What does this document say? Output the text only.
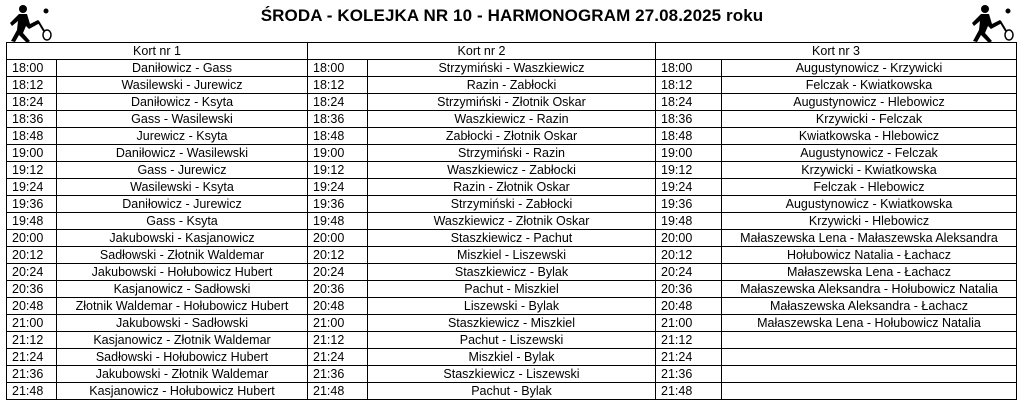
ŚRODA - KOLEJKA NR 10 - HARMONOGRAM 27.08.2025 roku
Kort nr 1		Kort nr 2		Kort nr 3	
18:00	Daniłowicz - Gass	18:00	Strzymiński - Waszkiewicz	18:00	Augustynowicz - Krzywicki
18:12	Wasilewski - Jurewicz	18:12	Razin - Zabłocki	18:12	Felczak - Kwiatkowska
18:24	Daniłowicz - Ksyta	18:24	Strzymiński - Złotnik Oskar	18:24	Augustynowicz - Hlebowicz
18:36	Gass - Wasilewski	18:36	Waszkiewicz - Razin	18:36	Krzywicki - Felczak
18:48	Jurewicz - Ksyta	18:48	Zabłocki - Złotnik Oskar	18:48	Kwiatkowska - Hlebowicz
19:00	Daniłowicz - Wasilewski	19:00	Strzymiński - Razin	19:00	Augustynowicz - Felczak
19:12	Gass - Jurewicz	19:12	Waszkiewicz - Zabłocki	19:12	Krzywicki - Kwiatkowska
19:24	Wasilewski - Ksyta	19:24	Razin - Złotnik Oskar	19:24	Felczak - Hlebowicz
19:36	Daniłowicz - Jurewicz	19:36	Strzymiński - Zabłocki	19:36	Augustynowicz - Kwiatkowska
19:48	Gass - Ksyta	19:48	Waszkiewicz - Złotnik Oskar	19:48	Krzywicki - Hlebowicz
20:00	Jakubowski - Kasjanowicz	20:00	Staszkiewicz - Pachut	20:00	Małaszewska Lena - Małaszewska Aleksandra
20:12	Sadłowski - Złotnik Waldemar	20:12	Miszkiel - Liszewski	20:12	Hołubowicz Natalia - Łachacz
20:24	Jakubowski - Hołubowicz Hubert	20:24	Staszkiewicz - Bylak	20:24	Małaszewska Lena - Łachacz
20:36	Kasjanowicz - Sadłowski	20:36	Pachut - Miszkiel	20:36	Małaszewska Aleksandra - Hołubowicz Natalia
20:48	Złotnik Waldemar - Hołubowicz Hubert	20:48	Liszewski - Bylak	20:48	Małaszewska Aleksandra - Łachacz
21:00	Jakubowski - Sadłowski	21:00	Staszkiewicz - Miszkiel	21:00	Małaszewska Lena - Hołubowicz Natalia
21:12	Kasjanowicz - Złotnik Waldemar	21:12	Pachut - Liszewski	21:12	
21:24	Sadłowski - Hołubowicz Hubert	21:24	Miszkiel - Bylak	21:24	
21:36	Jakubowski - Złotnik Waldemar	21:36	Staszkiewicz - Liszewski	21:36	
21:48	Kasjanowicz - Hołubowicz Hubert	21:48	Pachut - Bylak	21:48	
